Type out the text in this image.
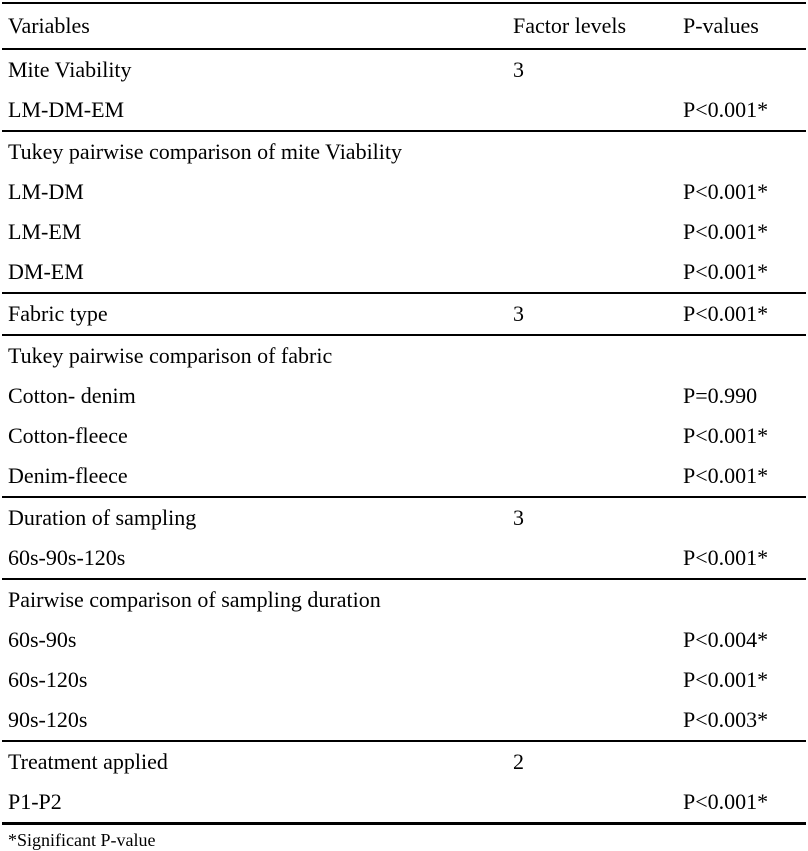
Variables	Factor levels	P-values
Mite Viability	3	
LM-DM-EM		P<0.001*
Tukey pairwise comparison of mite Viability		
LM-DM		P<0.001*
LM-EM		P<0.001*
DM-EM		P<0.001*
Fabric type	3	P<0.001*
Tukey pairwise comparison of fabric		
Cotton- denim		P=0.990
Cotton-fleece		P<0.001*
Denim-fleece		P<0.001*
Duration of sampling	3	
60s-90s-120s		P<0.001*
Pairwise comparison of sampling duration		
60s-90s		P<0.004*
60s-120s		P<0.001*
90s-120s		P<0.003*
Treatment applied	2	
P1-P2		P<0.001*
*Significant P-value
